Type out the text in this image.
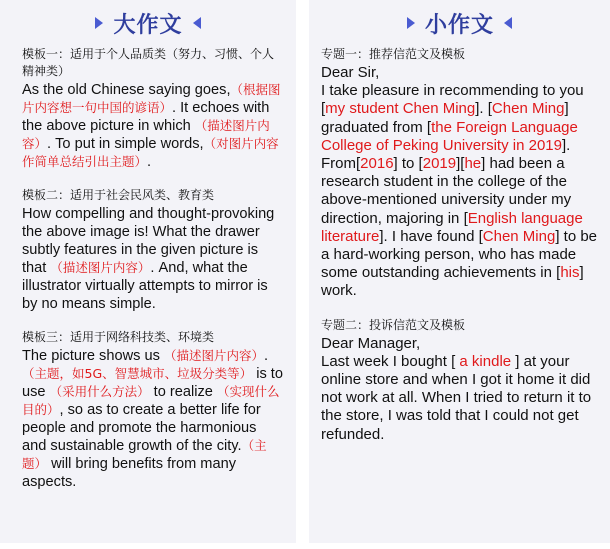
大作文
模板一：适用于个人品质类（努力、习惯、个人精神类）
As the old Chinese saying goes,（根据图片内容想一句中国的谚语）. It echoes with the above picture in which （描述图片内容）. To put in simple words,（对图片内容作简单总结引出主题）.
模板二：适用于社会民风类、教育类
How compelling and thought-provoking the above image is! What the drawer subtly features in the given picture is that （描述图片内容）. And, what the illustrator virtually attempts to mirror is by no means simple.
模板三：适用于网络科技类、环境类
The picture shows us （描述图片内容）.（主题，如5G、智慧城市、垃圾分类等） is to use （采用什么方法） to realize （实现什么目的）, so as to create a better life for people and promote the harmonious and sustainable growth of the city.（主题） will bring benefits from many aspects.
小作文
专题一：推荐信范文及模板
Dear Sir,
I take pleasure in recommending to you [my student Chen Ming]. [Chen Ming] graduated from [the Foreign Language College of Peking University in 2019]. From[2016] to [2019][he] had been a research student in the college of the above-mentioned university under my direction, majoring in [English language literature]. I have found [Chen Ming] to be a hard-working person, who has made some outstanding achievements in [his] work.
专题二：投诉信范文及模板
Dear Manager,
Last week I bought [ a kindle ] at your online store and when I got it home it did not work at all. When I tried to return it to the store, I was told that I could not get refunded.
